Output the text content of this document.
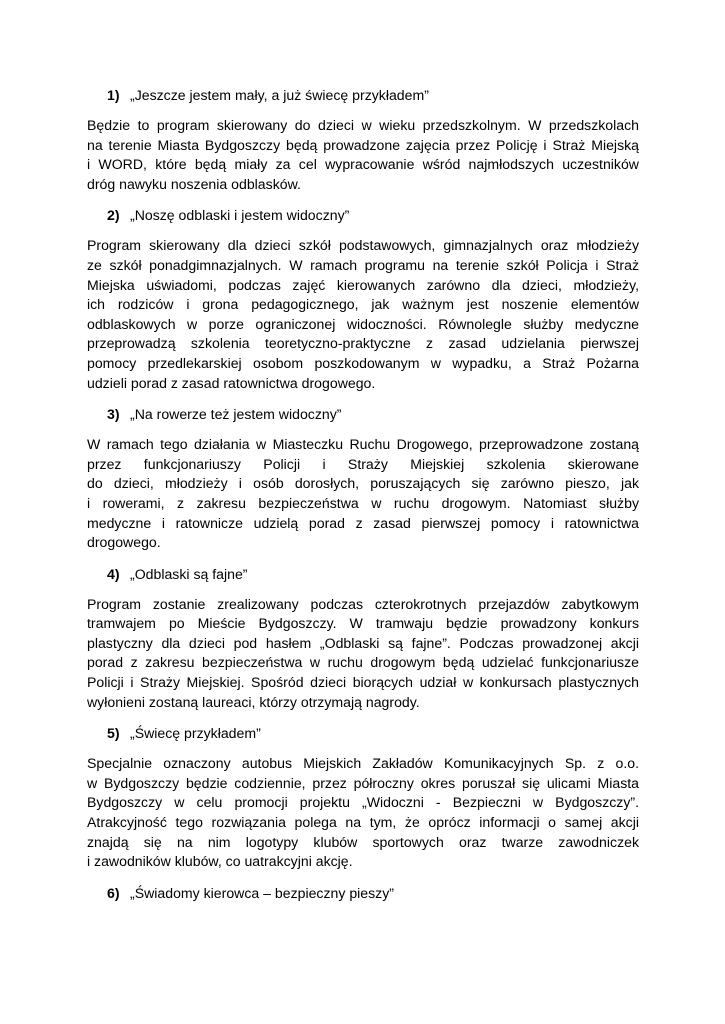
1) „Jeszcze jestem mały, a już świecę przykładem”
Będzie to program skierowany do dzieci w wieku przedszkolnym. W przedszkolach
na terenie Miasta Bydgoszczy będą prowadzone zajęcia przez Policję i Straż Miejską
i WORD, które będą miały za cel wypracowanie wśród najmłodszych uczestników
dróg nawyku noszenia odblasków.
2) „Noszę odblaski i jestem widoczny”
Program skierowany dla dzieci szkół podstawowych, gimnazjalnych oraz młodzieży
ze szkół ponadgimnazjalnych. W ramach programu na terenie szkół Policja i Straż
Miejska uświadomi, podczas zajęć kierowanych zarówno dla dzieci, młodzieży,
ich rodziców i grona pedagogicznego, jak ważnym jest noszenie elementów
odblaskowych w porze ograniczonej widoczności. Równolegle służby medyczne
przeprowadzą szkolenia teoretyczno-praktyczne z zasad udzielania pierwszej
pomocy przedlekarskiej osobom poszkodowanym w wypadku, a Straż Pożarna
udzieli porad z zasad ratownictwa drogowego.
3) „Na rowerze też jestem widoczny”
W ramach tego działania w Miasteczku Ruchu Drogowego, przeprowadzone zostaną
przez funkcjonariuszy Policji i Straży Miejskiej szkolenia skierowane
do dzieci, młodzieży i osób dorosłych, poruszających się zarówno pieszo, jak
i rowerami, z zakresu bezpieczeństwa w ruchu drogowym. Natomiast służby
medyczne i ratownicze udzielą porad z zasad pierwszej pomocy i ratownictwa
drogowego.
4) „Odblaski są fajne”
Program zostanie zrealizowany podczas czterokrotnych przejazdów zabytkowym
tramwajem po Mieście Bydgoszczy. W tramwaju będzie prowadzony konkurs
plastyczny dla dzieci pod hasłem „Odblaski są fajne”. Podczas prowadzonej akcji
porad z zakresu bezpieczeństwa w ruchu drogowym będą udzielać funkcjonariusze
Policji i Straży Miejskiej. Spośród dzieci biorących udział w konkursach plastycznych
wyłonieni zostaną laureaci, którzy otrzymają nagrody.
5) „Świecę przykładem”
Specjalnie oznaczony autobus Miejskich Zakładów Komunikacyjnych Sp. z o.o.
w Bydgoszczy będzie codziennie, przez półroczny okres poruszał się ulicami Miasta
Bydgoszczy w celu promocji projektu „Widoczni - Bezpieczni w Bydgoszczy”.
Atrakcyjność tego rozwiązania polega na tym, że oprócz informacji o samej akcji
znajdą się na nim logotypy klubów sportowych oraz twarze zawodniczek
i zawodników klubów, co uatrakcyjni akcję.
6) „Świadomy kierowca – bezpieczny pieszy”
